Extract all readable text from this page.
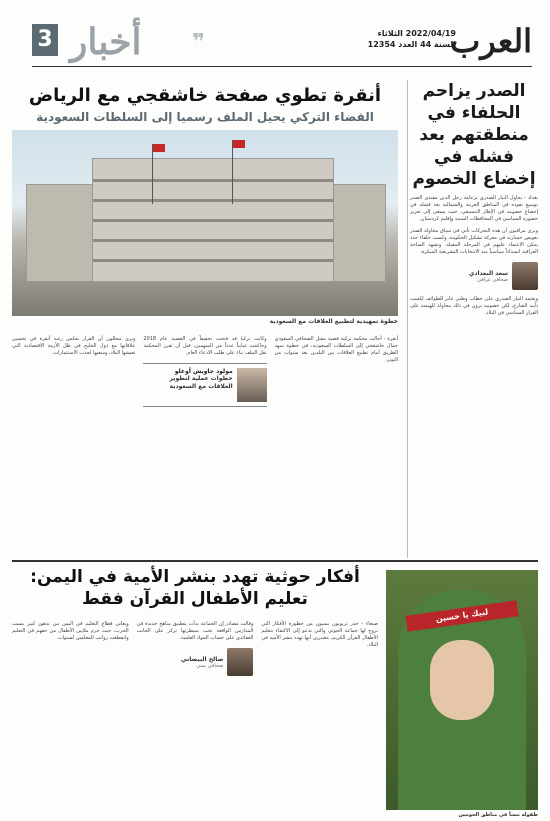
3 أخبار ❞	العرب
2022/04/19 الثلاثاء
السنة 44 العدد 12354
الصدر يزاحم الحلفاء في منطقتهم بعد فشله في إخضاع الخصوم

بغداد - يحاول التيار الصدري بزعامة رجل الدين مقتدى الصدر توسيع نفوذه في المناطق الغربية والشمالية بعد فشله في إخضاع خصومه في الإطار التنسيقي، حيث يسعى إلى تعزيز حضوره السياسي في المحافظات السنية وإقليم كردستان.

ويرى مراقبون أن هذه التحركات تأتي في سياق محاولة الصدر تعويض خسارته في معركة تشكيل الحكومة، وكسب حلفاء جدد يمكن الاعتماد عليهم في المرحلة المقبلة. وتشهد الساحة العراقية انسداداً سياسياً منذ الانتخابات التشريعية المبكرة.

سعد البغدادي
صحافي عراقي

ويعتمد التيار الصدري على خطاب وطني عابر للطوائف لكسب تأييد الشارع، لكن خصومه يرون في ذلك محاولة للهيمنة على القرار السياسي في البلاد.

أنقرة تطوي صفحة خاشقجي مع الرياض
القضاء التركي يحيل الملف رسميا إلى السلطات السعودية
خطوة تمهيدية لتطبيع العلاقات مع السعودية

أنقرة - أحالت محكمة تركية قضية مقتل الصحافي السعودي جمال خاشقجي إلى السلطات السعودية، في خطوة تمهد الطريق أمام تطبيع العلاقات بين البلدين بعد سنوات من التوتر.

وكانت تركيا قد فتحت تحقيقاً في القضية عام 2018 وحاكمت غيابياً عدداً من المتهمين، قبل أن تقرر المحكمة نقل الملف بناء على طلب الادعاء العام.

مولود جاويش أوغلو
خطوات عملية لتطوير العلاقات مع السعودية

ويرى محللون أن القرار يعكس رغبة أنقرة في تحسين علاقاتها مع دول الخليج في ظل الأزمة الاقتصادية التي تعيشها البلاد، وسعيها لجذب الاستثمارات.

لبيك يا حسين
طفولة تنشأ في مناطق الحوثيين
أفكار حوثية تهدد بنشر الأمية في اليمن: تعليم الأطفال القرآن فقط

صنعاء - حذر تربويون يمنيون من خطورة الأفكار التي تروج لها جماعة الحوثي والتي تدعو إلى الاكتفاء بتعليم الأطفال القرآن الكريم، معتبرين أنها تهدد بنشر الأمية في البلاد.

وقالت مصادر إن الجماعة بدأت بتطبيق مناهج جديدة في المدارس الواقعة تحت سيطرتها تركز على الجانب العقائدي على حساب المواد العلمية.

صالح البيضاني
صحافي يمني

ويعاني قطاع التعليم في اليمن من تدهور كبير بسبب الحرب، حيث حرم ملايين الأطفال من حقهم في التعليم وانقطعت رواتب المعلمين لسنوات.
